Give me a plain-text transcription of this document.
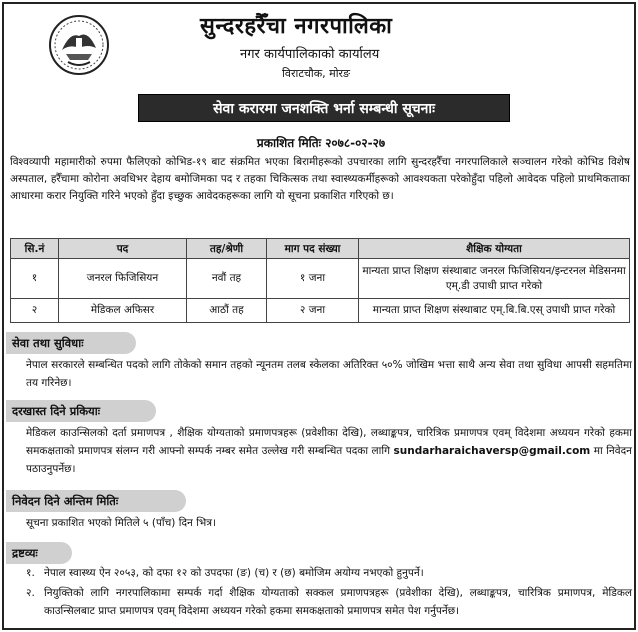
सुन्दरहरैँचा नगरपालिका
नगर कार्यपालिकाको कार्यालय
विराटचौक, मोरङ
सेवा करारमा जनशक्ति भर्ना सम्बन्धी सूचनाः
प्रकाशित मितिः २०७८-०२-२७
विश्वव्यापी महामारीको रुपमा फैलिएको कोभिड-१९ बाट संक्रमित भएका बिरामीहरूको उपचारका लागि सुन्दरहरैँचा नगरपालिकाले सञ्चालन गरेको कोभिड विशेष अस्पताल, हरैँचामा कोरोना अवधिभर देहाय बमोजिमका पद र तहका चिकित्सक तथा स्वास्थ्यकर्मीहरूको आवश्यकता परेकोहुँदा पहिलो आवेदक पहिलो प्राथमिकताका आधारमा करार नियुक्ति गरिने भएको हुँदा इच्छुक आवेदकहरूका लागि यो सूचना प्रकाशित गरिएको छ।
सि.नं	पद	तह/श्रेणी	माग पद संख्या	शैक्षिक योग्यता
१	जनरल फिजिसियन	नवौं तह	१ जना	मान्यता प्राप्त शिक्षण संस्थाबाट जनरल फिजिसियन/इन्टरनल मेडिसनमा एम्.डी उपाधी प्राप्त गरेको
२	मेडिकल अफिसर	आठौं तह	२ जना	मान्यता प्राप्त शिक्षण संस्थाबाट एम्.बि.बि.एस् उपाधी प्राप्त गरेको
सेवा तथा सुविधाः
नेपाल सरकारले सम्बन्धित पदको लागि तोकेको समान तहको न्यूनतम तलब स्केलका अतिरिक्त ५०% जोखिम भत्ता साथै अन्य सेवा तथा सुविधा आपसी सहमतिमा तय गरिनेछ।
दरखास्त दिने प्रकियाः
मेडिकल काउन्सिलको दर्ता प्रमाणपत्र , शैक्षिक योग्यताको प्रमाणपत्रहरू (प्रवेशीका देखि), लब्धाङ्कपत्र, चारित्रिक प्रमाणपत्र एवम् विदेशमा अध्ययन गरेको हकमा समकक्षताको प्रमाणपत्र संलग्न गरी आफ्नो सम्पर्क नम्बर समेत उल्लेख गरी सम्बन्धित पदका लागि sundarharaichaversp@gmail.com मा निवेदन पठाउनुपर्नेछ।
निवेदन दिने अन्तिम मितिः
सूचना प्रकाशित भएको मितिले ५ (पाँच) दिन भित्र।
द्रष्टव्यः
१. नेपाल स्वास्थ्य ऐन २०५३, को दफा १२ को उपदफा (ङ) (च) र (छ) बमोजिम अयोग्य नभएको हुनुपर्ने।
२. नियुक्तिको लागि नगरपालिकामा सम्पर्क गर्दा शैक्षिक योग्यताको सक्कल प्रमाणपत्रहरू (प्रवेशीका देखि), लब्धाङ्कपत्र, चारित्रिक प्रमाणपत्र, मेडिकल काउन्सिलबाट प्राप्त प्रमाणपत्र एवम् विदेशमा अध्ययन गरेको हकमा समकक्षताको प्रमाणपत्र समेत पेश गर्नुपर्नेछ।
